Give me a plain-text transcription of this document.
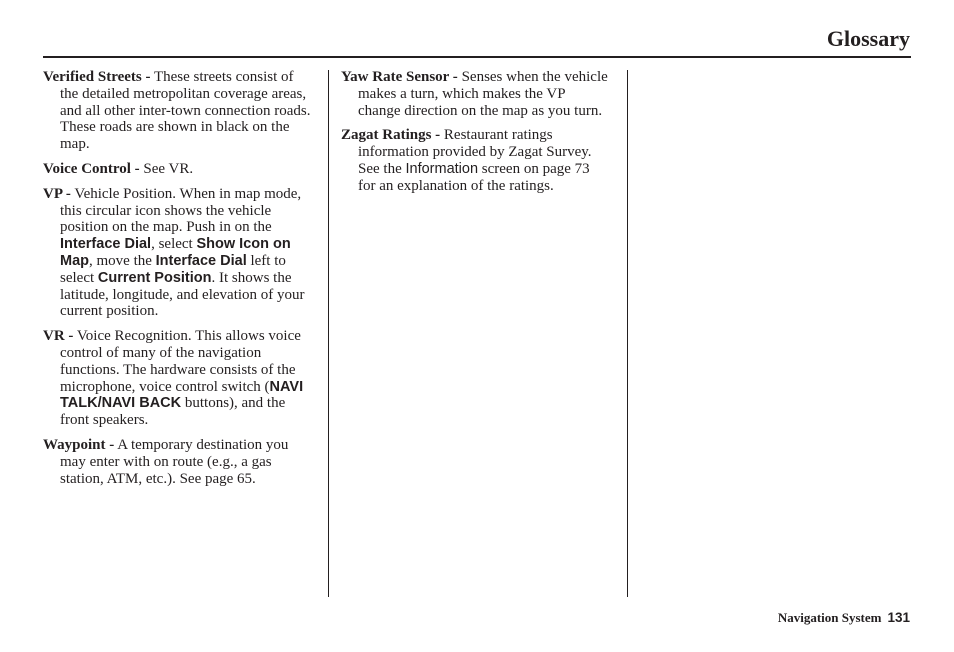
Glossary

Verified Streets - These streets consist of the detailed metropolitan coverage areas, and all other inter-town connection roads. These roads are shown in black on the map.

Voice Control - See VR.

VP - Vehicle Position. When in map mode, this circular icon shows the vehicle position on the map. Push in on the Interface Dial, select Show Icon on Map, move the Interface Dial left to select Current Position. It shows the latitude, longitude, and elevation of your current position.

VR - Voice Recognition. This allows voice control of many of the navigation functions. The hardware consists of the microphone, voice control switch (NAVI TALK/NAVI BACK buttons), and the front speakers.

Waypoint - A temporary destination you may enter with on route (e.g., a gas station, ATM, etc.). See page 65.

Yaw Rate Sensor - Senses when the vehicle makes a turn, which makes the VP change direction on the map as you turn.

Zagat Ratings - Restaurant ratings information provided by Zagat Survey. See the Information screen on page 73 for an explanation of the ratings.

Navigation System 131
